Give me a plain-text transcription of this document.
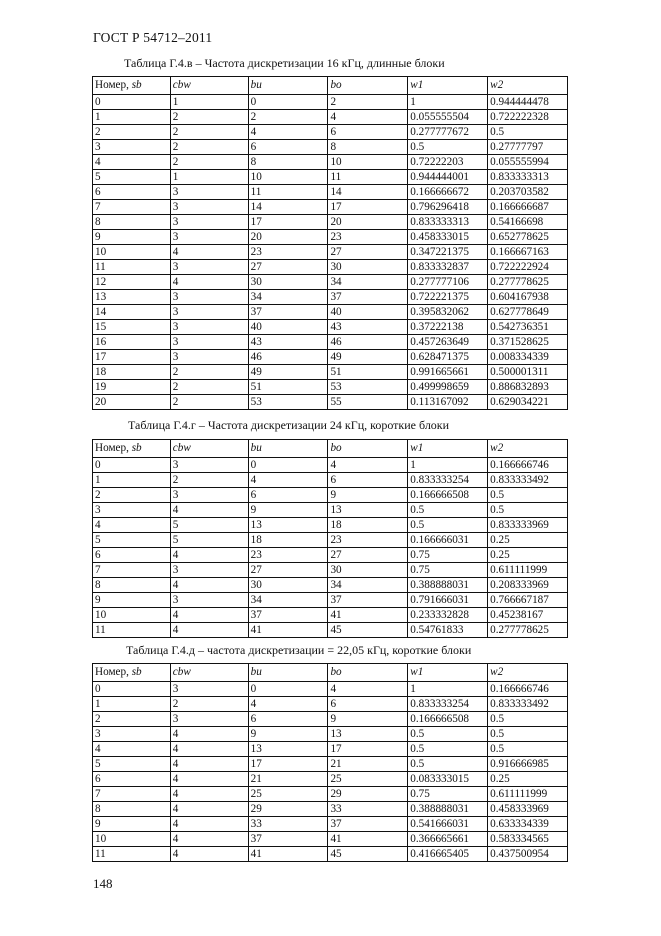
ГОСТ Р 54712–2011
Таблица Г.4.в – Частота дискретизации 16 кГц, длинные блоки
Номер, sb	cbw	bu	bo	w1	w2
0	1	0	2	1	0.944444478
1	2	2	4	0.055555504	0.722222328
2	2	4	6	0.277777672	0.5
3	2	6	8	0.5	0.27777797
4	2	8	10	0.72222203	0.055555994
5	1	10	11	0.944444001	0.833333313
6	3	11	14	0.166666672	0.203703582
7	3	14	17	0.796296418	0.166666687
8	3	17	20	0.833333313	0.54166698
9	3	20	23	0.458333015	0.652778625
10	4	23	27	0.347221375	0.166667163
11	3	27	30	0.833332837	0.722222924
12	4	30	34	0.277777106	0.277778625
13	3	34	37	0.722221375	0.604167938
14	3	37	40	0.395832062	0.627778649
15	3	40	43	0.37222138	0.542736351
16	3	43	46	0.457263649	0.371528625
17	3	46	49	0.628471375	0.008334339
18	2	49	51	0.991665661	0.500001311
19	2	51	53	0.499998659	0.886832893
20	2	53	55	0.113167092	0.629034221
Таблица Г.4.г – Частота дискретизации 24 кГц, короткие блоки
Номер, sb	cbw	bu	bo	w1	w2
0	3	0	4	1	0.166666746
1	2	4	6	0.833333254	0.833333492
2	3	6	9	0.166666508	0.5
3	4	9	13	0.5	0.5
4	5	13	18	0.5	0.833333969
5	5	18	23	0.166666031	0.25
6	4	23	27	0.75	0.25
7	3	27	30	0.75	0.611111999
8	4	30	34	0.388888031	0.208333969
9	3	34	37	0.791666031	0.766667187
10	4	37	41	0.233332828	0.45238167
11	4	41	45	0.54761833	0.277778625
Таблица Г.4.д – частота дискретизации = 22,05 кГц, короткие блоки
Номер, sb	cbw	bu	bo	w1	w2
0	3	0	4	1	0.166666746
1	2	4	6	0.833333254	0.833333492
2	3	6	9	0.166666508	0.5
3	4	9	13	0.5	0.5
4	4	13	17	0.5	0.5
5	4	17	21	0.5	0.916666985
6	4	21	25	0.083333015	0.25
7	4	25	29	0.75	0.611111999
8	4	29	33	0.388888031	0.458333969
9	4	33	37	0.541666031	0.633334339
10	4	37	41	0.366665661	0.583334565
11	4	41	45	0.416665405	0.437500954
148
